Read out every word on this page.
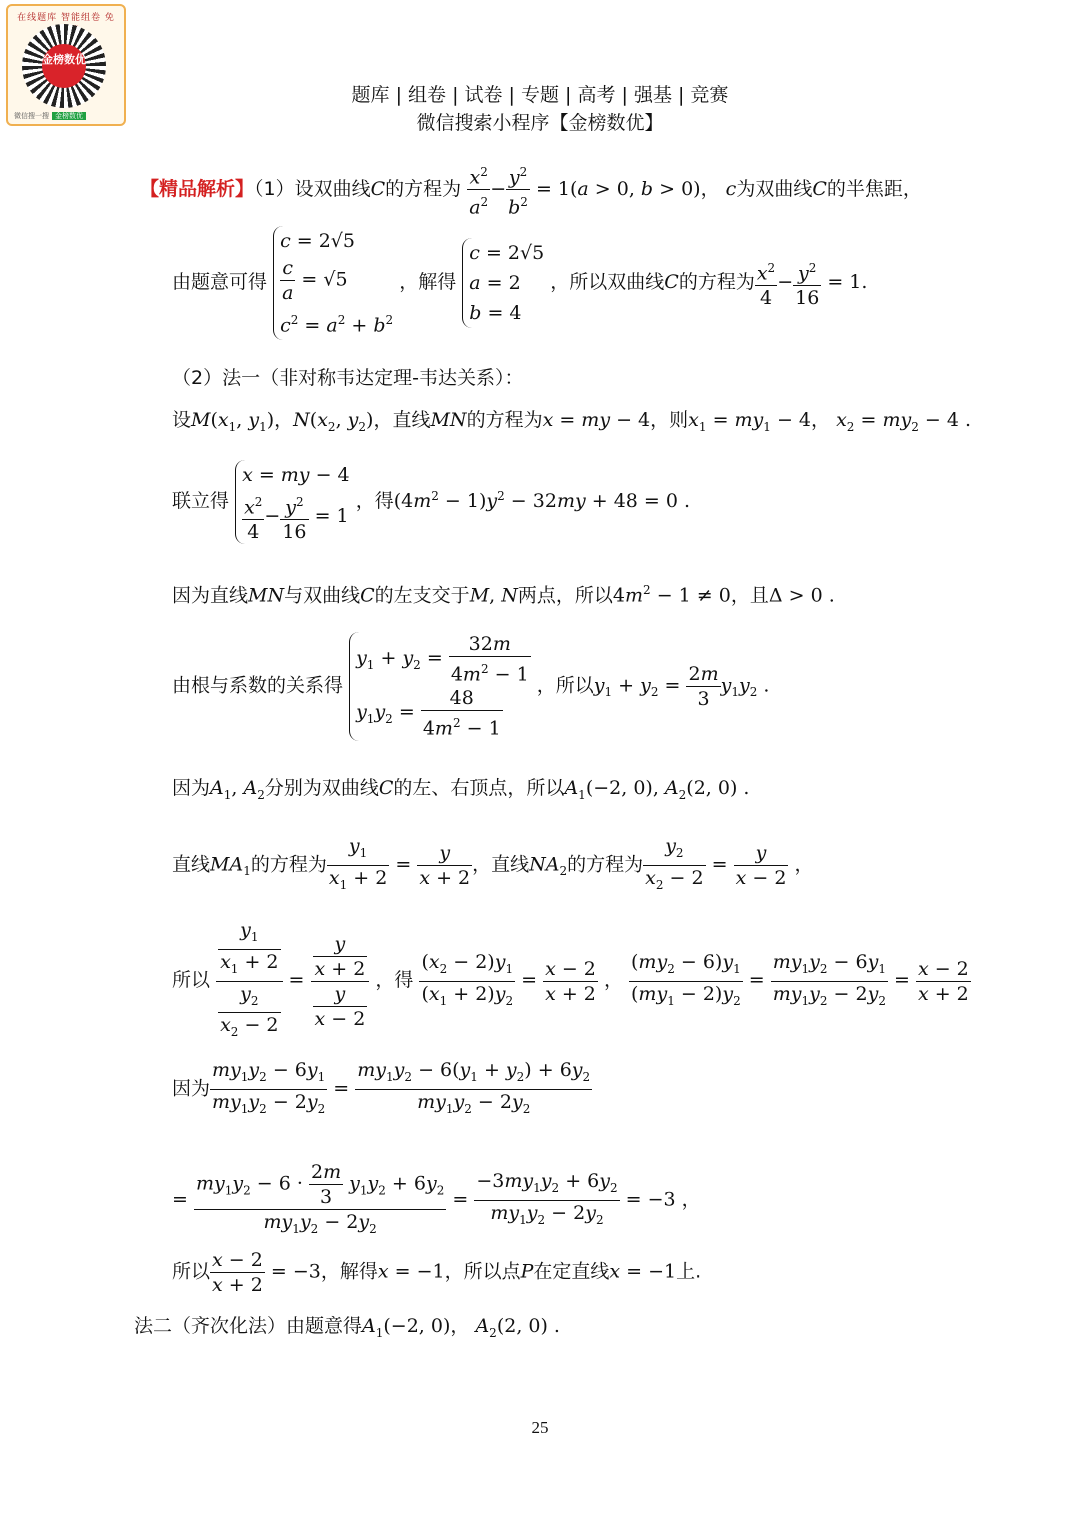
在线题库 智能组卷 免
金榜数优
微信搜一搜 金榜数优
题库 | 组卷 | 试卷 | 专题 | 高考 | 强基 | 竞赛
微信搜索小程序【金榜数优】
【精品解析】（1）设双曲线C的方程为 $\frac{x^2}{a^2} - \frac{y^2}{b^2} = 1(a > 0$, b > 0)， c为双曲线C的半焦距，
由题意可得
c = 2√5
$\frac{c}{a} = √5$
$c^2 = a^2 + b^2$
，解得
c = 2√5
a = 2
b = 4
，所以双曲线C的方程为 $\frac{x^2}{4} - \frac{y^2}{16} = 1$.
（2）法一（非对称韦达定理-韦达关系）：
设$M(x_1$, $y_1$)，$N(x_2$, $y_2$)，直线MN的方程为x = my − 4，则$x_1 = my_1 - 4$， $x_2 = my_2 - 4$ .
联立得
x = my − 4
$\frac{x^2}{4} - \frac{y^2}{16} = 1$
，得$(4m^2 - 1)y^2 - 32my + 48 = 0$ .
因为直线MN与双曲线C的左支交于M, N两点，所以$4m^2 - 1 \ne 0$，且Δ > 0 .
由根与系数的关系得
$y_1 + y_2 = \frac{32m}{4m^2 - 1}$
$y_1y_2 = \frac{48}{4m^2 - 1}$
，所以$y_1 + y_2 = \frac{2m}{3} y_1y_2$ .
因为$A_1$, $A_2$分别为双曲线C的左、右顶点，所以$A_1(-2$, 0), $A_2(2$, 0) .
直线$MA_1$的方程为 $\frac{y_1}{x_1 + 2} = \frac{y}{x + 2}$ ，直线$NA_2$的方程为 $\frac{y_2}{x_2 - 2} = \frac{y}{x - 2}$ ，
所以 $\frac{\frac{y_1}{x_1 + 2}}{\frac{y_2}{x_2 - 2}} = \frac{\frac{y}{x + 2}}{\frac{y}{x - 2}}$ ，得 $\frac{(x_2 - 2)y_1}{(x_1 + 2)y_2} = \frac{x - 2}{x + 2}$ ， $\frac{(my_2 - 6)y_1}{(my_1 - 2)y_2} = \frac{my_1y_2 - 6y_1}{my_1y_2 - 2y_2} = \frac{x - 2}{x + 2}$
因为 $\frac{my_1y_2 - 6y_1}{my_1y_2 - 2y_2} = \frac{my_1y_2 - 6(y_1 + y_2) + 6y_2}{my_1y_2 - 2y_2}$
= $\frac{my_1y_2 - 6 \cdot \frac{2m}{3} y_1y_2 + 6y_2}{my_1y_2 - 2y_2} = \frac{-3my_1y_2 + 6y_2}{my_1y_2 - 2y_2} = -3$ ，
所以 $\frac{x - 2}{x + 2} = -3$，解得x = −1，所以点P在定直线x = −1上.
法二（齐次化法）由题意得$A_1(-2$, 0)， $A_2(2$, 0) .
25
